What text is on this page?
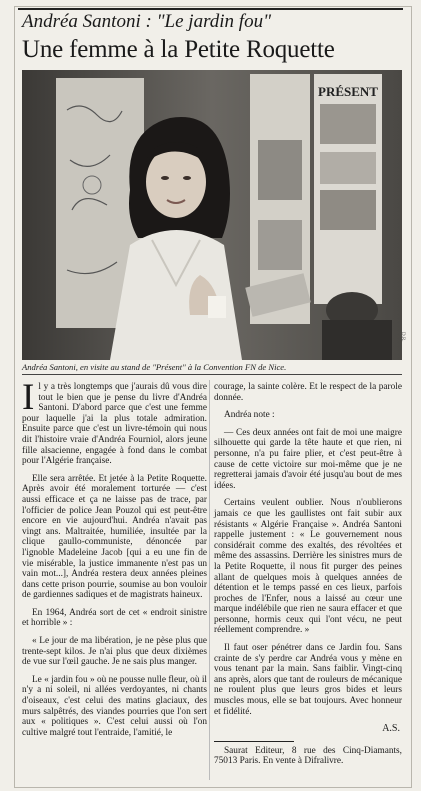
Andréa Santoni : "Le jardin fou"
Une femme à la Petite Roquette
PRÉSENT
D.R.
Andréa Santoni, en visite au stand de "Présent" à la Convention FN de Nice.

Il y a très longtemps que j'aurais dû vous dire tout le bien que je pense du livre d'Andréa Santoni. D'abord parce que c'est une femme pour laquelle j'ai la plus totale admiration. Ensuite parce que c'est un livre-témoin qui nous dit l'histoire vraie d'Andréa Fourniol, alors jeune fille alsacienne, engagée à fond dans le combat pour l'Algérie française.

Elle sera arrêtée. Et jetée à la Petite Roquette. Après avoir été moralement torturée — c'est aussi efficace et ça ne laisse pas de trace, par l'officier de police Jean Pouzol qui est peut-être encore en vie aujourd'hui. Andréa n'avait pas vingt ans. Maltraitée, humiliée, insultée par la clique gaullo-communiste, dénoncée par l'ignoble Madeleine Jacob [qui a eu une fin de vie misérable, la justice immanente n'est pas un vain mot...], Andréa restera deux années pleines dans cette prison pourrie, soumise au bon vouloir de gardiennes sadiques et de magistrats haineux.

En 1964, Andréa sort de cet « endroit sinistre et horrible » :

« Le jour de ma libération, je ne pèse plus que trente-sept kilos. Je n'ai plus que deux dixièmes de vue sur l'œil gauche. Je ne sais plus manger.

Le « jardin fou » où ne pousse nulle fleur, où il n'y a ni soleil, ni allées verdoyantes, ni chants d'oiseaux, c'est celui des matins glaciaux, des murs salpêtrés, des viandes pourries que l'on sert aux « politiques ». C'est celui aussi où l'on cultive malgré tout l'entraide, l'amitié, le

courage, la sainte colère. Et le respect de la parole donnée.

Andréa note :

— Ces deux années ont fait de moi une maigre silhouette qui garde la tête haute et que rien, ni personne, n'a pu faire plier, et c'est peut-être à cause de cette victoire sur moi-même que je ne regretterai jamais d'avoir été jusqu'au bout de mes idées.

Certains veulent oublier. Nous n'oublierons jamais ce que les gaullistes ont fait subir aux résistants « Algérie Française ». Andréa Santoni rappelle justement : « Le gouvernement nous considérait comme des exaltés, des révoltées et même des assassins. Derrière les sinistres murs de la Petite Roquette, il nous fit purger des peines allant de quelques mois à quelques années de détention et le temps passé en ces lieux, parfois proches de l'Enfer, nous a laissé au cœur une marque indélébile que rien ne saura effacer et que personne, hormis ceux qui l'ont vécu, ne peut réellement comprendre. »

Il faut oser pénétrer dans ce Jardin fou. Sans crainte de s'y perdre car Andréa vous y mène en vous tenant par la main. Sans faiblir. Vingt-cinq ans après, alors que tant de rouleurs de mécanique ne roulent plus que leurs gros bides et leurs muscles mous, elle se bat toujours. Avec honneur et fidélité.

A.S.

Saurat Editeur, 8 rue des Cinq-Diamants, 75013 Paris. En vente à Difralivre.
